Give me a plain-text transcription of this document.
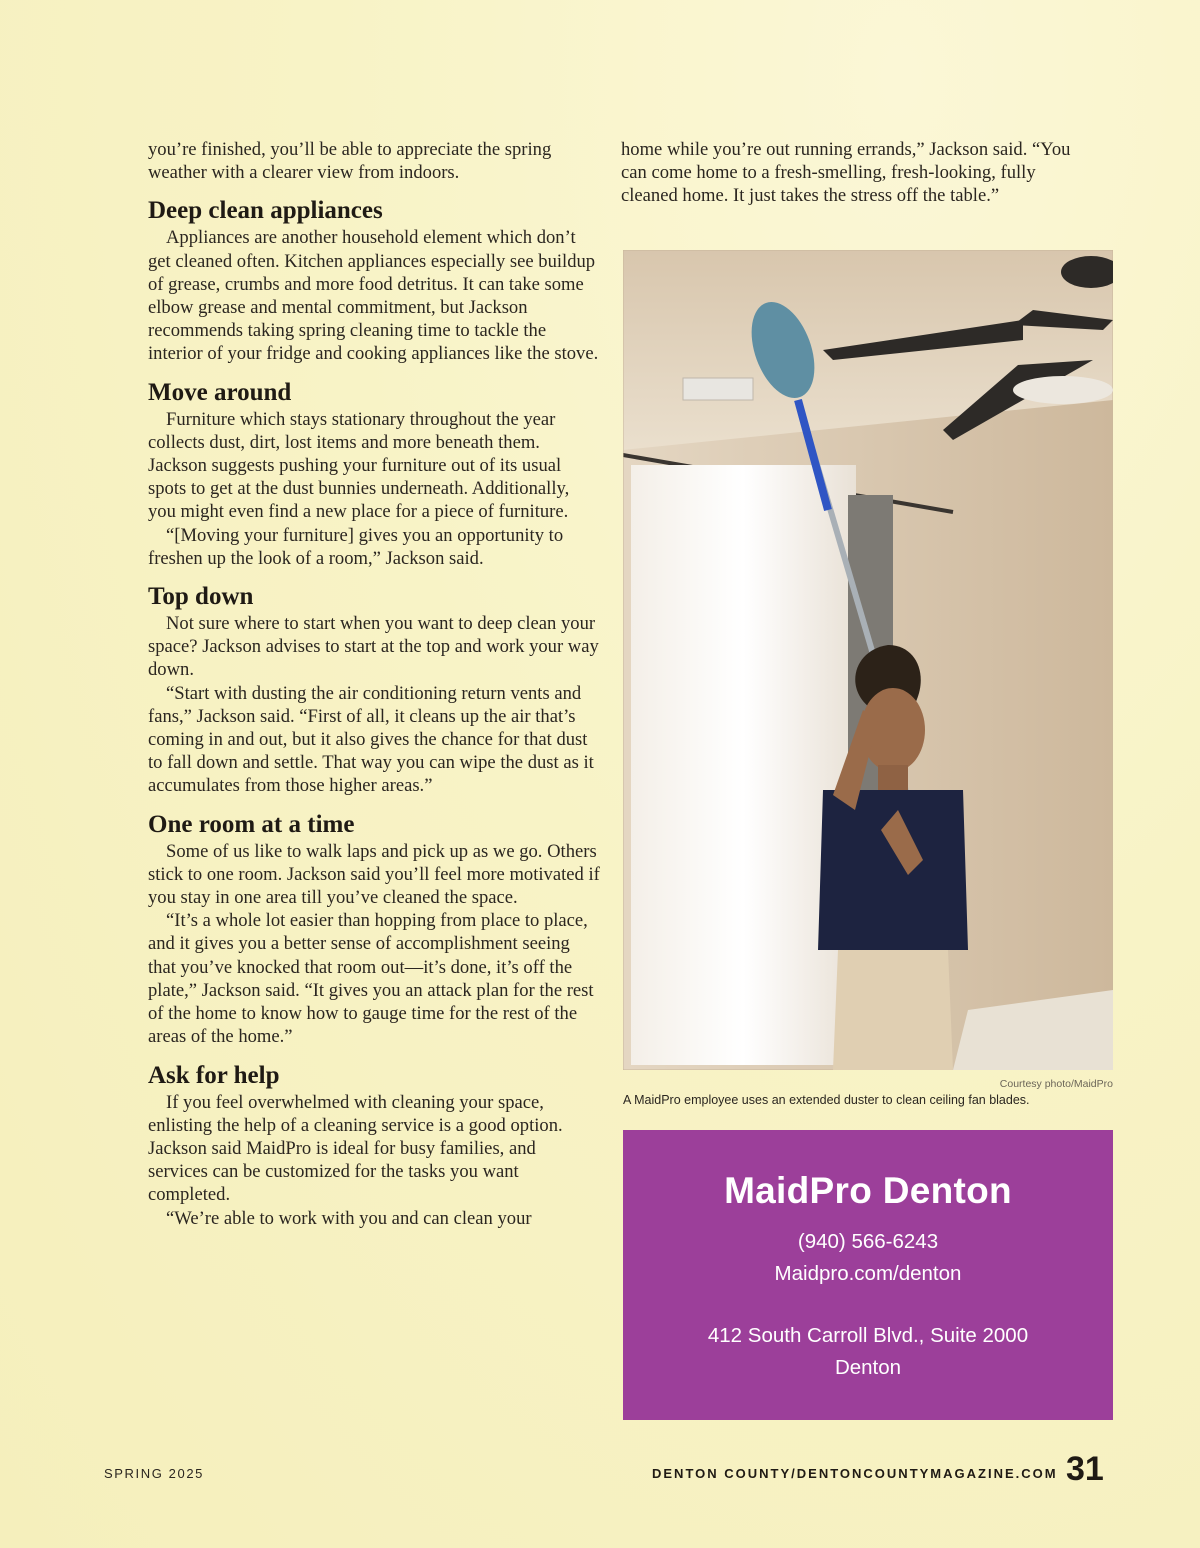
you’re finished, you’ll be able to appreciate the spring weather with a clearer view from indoors.

Deep clean appliances

Appliances are another household element which don’t get cleaned often. Kitchen appliances especially see buildup of grease, crumbs and more food detritus. It can take some elbow grease and mental commitment, but Jackson recommends taking spring cleaning time to tackle the interior of your fridge and cooking appliances like the stove.

Move around

Furniture which stays stationary throughout the year collects dust, dirt, lost items and more beneath them. Jackson suggests pushing your furniture out of its usual spots to get at the dust bunnies underneath. Additionally, you might even find a new place for a piece of furniture.

“[Moving your furniture] gives you an opportunity to freshen up the look of a room,” Jackson said.

Top down

Not sure where to start when you want to deep clean your space? Jackson advises to start at the top and work your way down.

“Start with dusting the air conditioning return vents and fans,” Jackson said. “First of all, it cleans up the air that’s coming in and out, but it also gives the chance for that dust to fall down and settle. That way you can wipe the dust as it accumulates from those higher areas.”

One room at a time

Some of us like to walk laps and pick up as we go. Others stick to one room. Jackson said you’ll feel more motivated if you stay in one area till you’ve cleaned the space.

“It’s a whole lot easier than hopping from place to place, and it gives you a better sense of accomplishment seeing that you’ve knocked that room out—it’s done, it’s off the plate,” Jackson said. “It gives you an attack plan for the rest of the home to know how to gauge time for the rest of the areas of the home.”

Ask for help

If you feel overwhelmed with cleaning your space, enlisting the help of a cleaning service is a good option. Jackson said MaidPro is ideal for busy families, and services can be customized for the tasks you want completed.

“We’re able to work with you and can clean your

home while you’re out running errands,” Jackson said. “You can come home to a fresh-smelling, fresh-looking, fully cleaned home. It just takes the stress off the table.”

Courtesy photo/MaidPro
A MaidPro employee uses an extended duster to clean ceiling fan blades.
MaidPro Denton
(940) 566-6243
Maidpro.com/denton
412 South Carroll Blvd., Suite 2000
Denton
SPRING 2025	DENTON COUNTY/DENTONCOUNTYMAGAZINE.COM 31
